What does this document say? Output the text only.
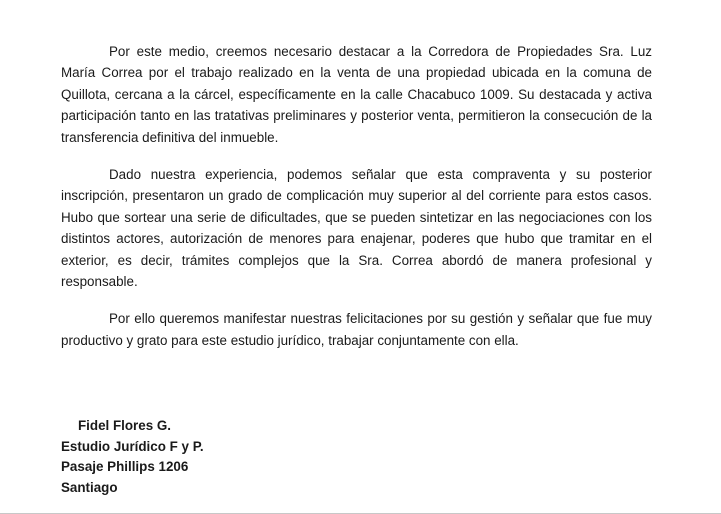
Por este medio, creemos necesario destacar a la Corredora de Propiedades Sra. Luz María Correa por el trabajo realizado en la venta de una propiedad ubicada en la comuna de Quillota, cercana a la cárcel, específicamente en la calle Chacabuco 1009. Su destacada y activa participación tanto en las tratativas preliminares y posterior venta, permitieron la consecución de la transferencia definitiva del inmueble.

Dado nuestra experiencia, podemos señalar que esta compraventa y su posterior inscripción, presentaron un grado de complicación muy superior al del corriente para estos casos. Hubo que sortear una serie de dificultades, que se pueden sintetizar en las negociaciones con los distintos actores, autorización de menores para enajenar, poderes que hubo que tramitar en el exterior, es decir, trámites complejos que la Sra. Correa abordó de manera profesional y responsable.

Por ello queremos manifestar nuestras felicitaciones por su gestión y señalar que fue muy productivo y grato para este estudio jurídico, trabajar conjuntamente con ella.

Fidel Flores G.
Estudio Jurídico F y P.
Pasaje Phillips 1206
Santiago
